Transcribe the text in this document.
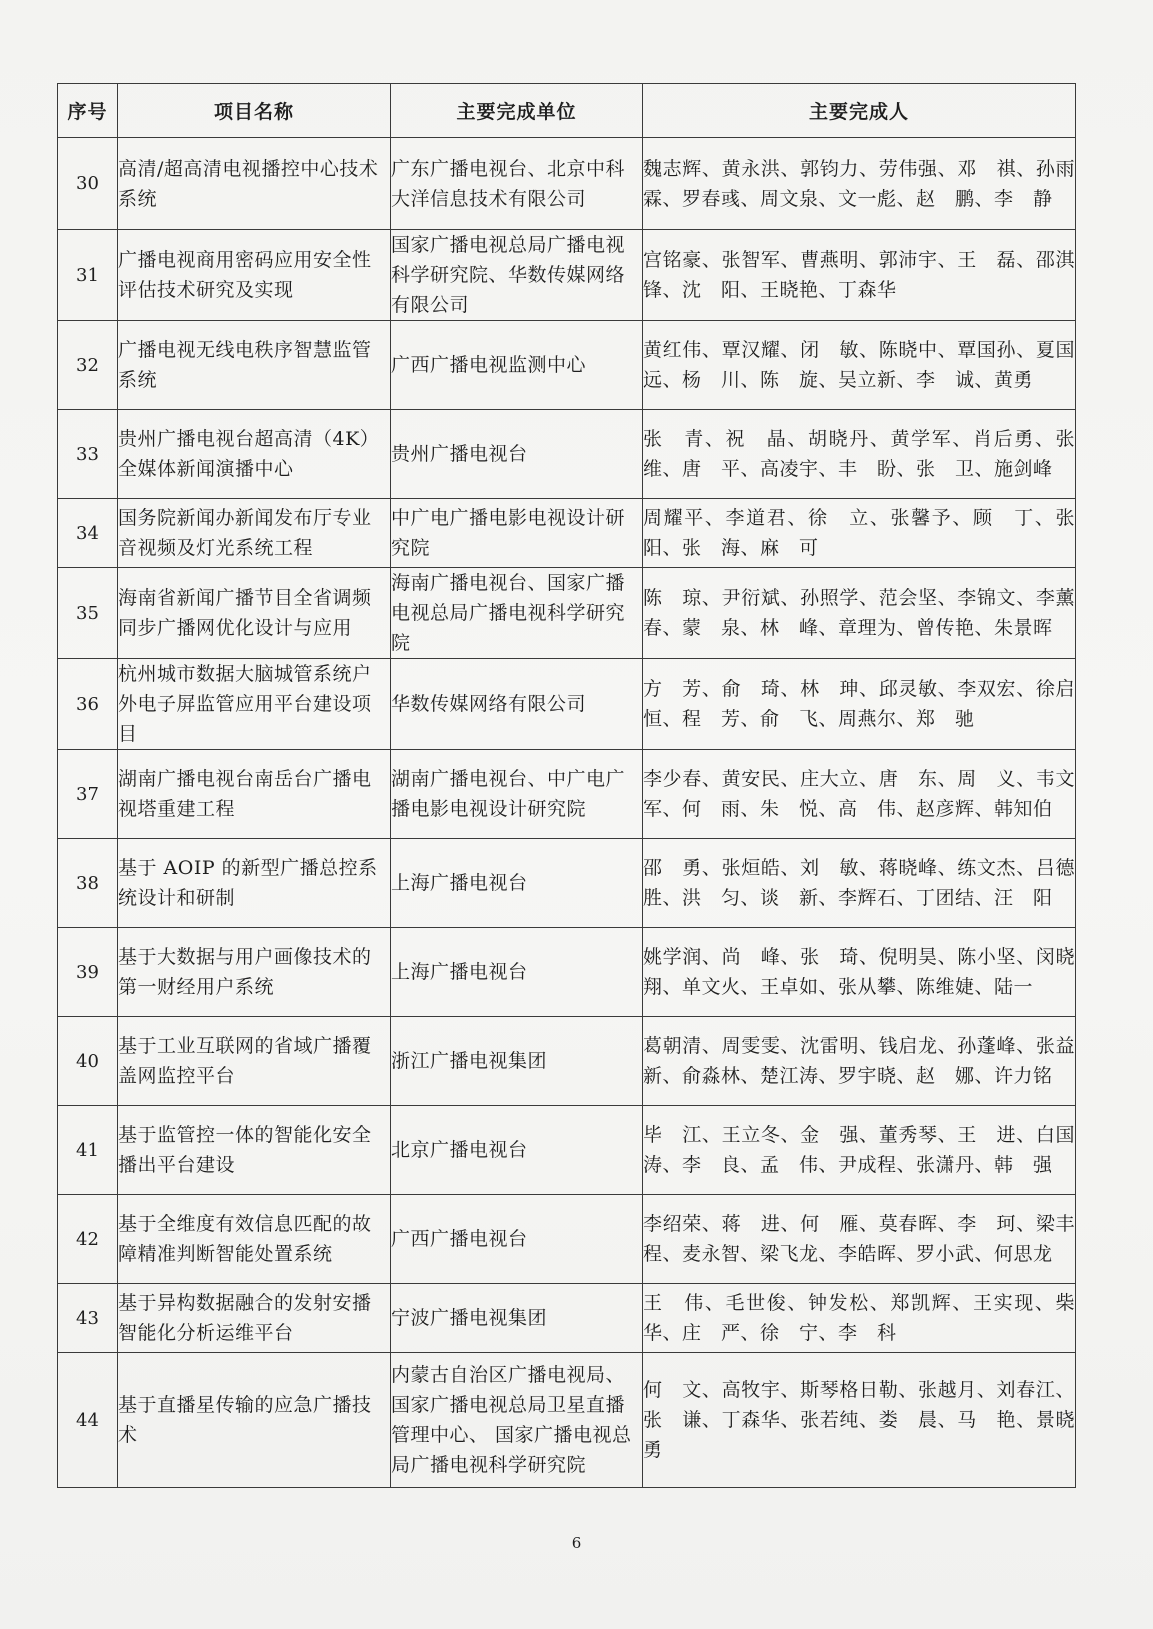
序号	项目名称	主要完成单位	主要完成人
30	高清/超高清电视播控中心技术系统	广东广播电视台、北京中科大洋信息技术有限公司	魏志辉、黄永洪、郭钧力、劳伟强、邓　祺、孙雨霖、罗春彧、周文泉、文一彪、赵　鹏、李　静
31	广播电视商用密码应用安全性评估技术研究及实现	国家广播电视总局广播电视科学研究院、华数传媒网络有限公司	宫铭豪、张智军、曹燕明、郭沛宇、王　磊、邵淇锋、沈　阳、王晓艳、丁森华
32	广播电视无线电秩序智慧监管系统	广西广播电视监测中心	黄红伟、覃汉耀、闭　敏、陈晓中、覃国孙、夏国远、杨　川、陈　旋、吴立新、李　诚、黄勇
33	贵州广播电视台超高清（4K）全媒体新闻演播中心	贵州广播电视台	张　青、祝　晶、胡晓丹、黄学军、肖后勇、张　维、唐　平、高凌宇、丰　盼、张　卫、施剑峰
34	国务院新闻办新闻发布厅专业音视频及灯光系统工程	中广电广播电影电视设计研究院	周耀平、李道君、徐　立、张馨予、顾　丁、张　阳、张　海、麻　可
35	海南省新闻广播节目全省调频同步广播网优化设计与应用	海南广播电视台、国家广播电视总局广播电视科学研究院	陈　琼、尹衍斌、孙照学、范会坚、李锦文、李薰春、蒙　泉、林　峰、章理为、曾传艳、朱景晖
36	杭州城市数据大脑城管系统户外电子屏监管应用平台建设项目	华数传媒网络有限公司	方　芳、俞　琦、林　珅、邱灵敏、李双宏、徐启恒、程　芳、俞　飞、周燕尔、郑　驰
37	湖南广播电视台南岳台广播电视塔重建工程	湖南广播电视台、中广电广播电影电视设计研究院	李少春、黄安民、庄大立、唐　东、周　义、韦文军、何　雨、朱　悦、高　伟、赵彦辉、韩知伯
38	基于 AOIP 的新型广播总控系统设计和研制	上海广播电视台	邵　勇、张烜皓、刘　敏、蒋晓峰、练文杰、吕德胜、洪　匀、谈　新、李辉石、丁团结、汪　阳
39	基于大数据与用户画像技术的第一财经用户系统	上海广播电视台	姚学润、尚　峰、张　琦、倪明昊、陈小坚、闵晓翔、单文火、王卓如、张从攀、陈维婕、陆一
40	基于工业互联网的省域广播覆盖网监控平台	浙江广播电视集团	葛朝清、周雯雯、沈雷明、钱启龙、孙蓬峰、张益新、俞淼林、楚江涛、罗宇晓、赵　娜、许力铭
41	基于监管控一体的智能化安全播出平台建设	北京广播电视台	毕　江、王立冬、金　强、董秀琴、王　进、白国涛、李　良、孟　伟、尹成程、张潇丹、韩　强
42	基于全维度有效信息匹配的故障精准判断智能处置系统	广西广播电视台	李绍荣、蒋　进、何　雁、莫春晖、李　珂、梁丰程、麦永智、梁飞龙、李皓晖、罗小武、何思龙
43	基于异构数据融合的发射安播智能化分析运维平台	宁波广播电视集团	王　伟、毛世俊、钟发松、郑凯辉、王实现、柴　华、庄　严、徐　宁、李　科
44	基于直播星传输的应急广播技术	内蒙古自治区广播电视局、国家广播电视总局卫星直播管理中心、 国家广播电视总局广播电视科学研究院	何　文、高牧宇、斯琴格日勒、张越月、刘春江、张　谦、丁森华、张若纯、娄　晨、马　艳、景晓勇
6
